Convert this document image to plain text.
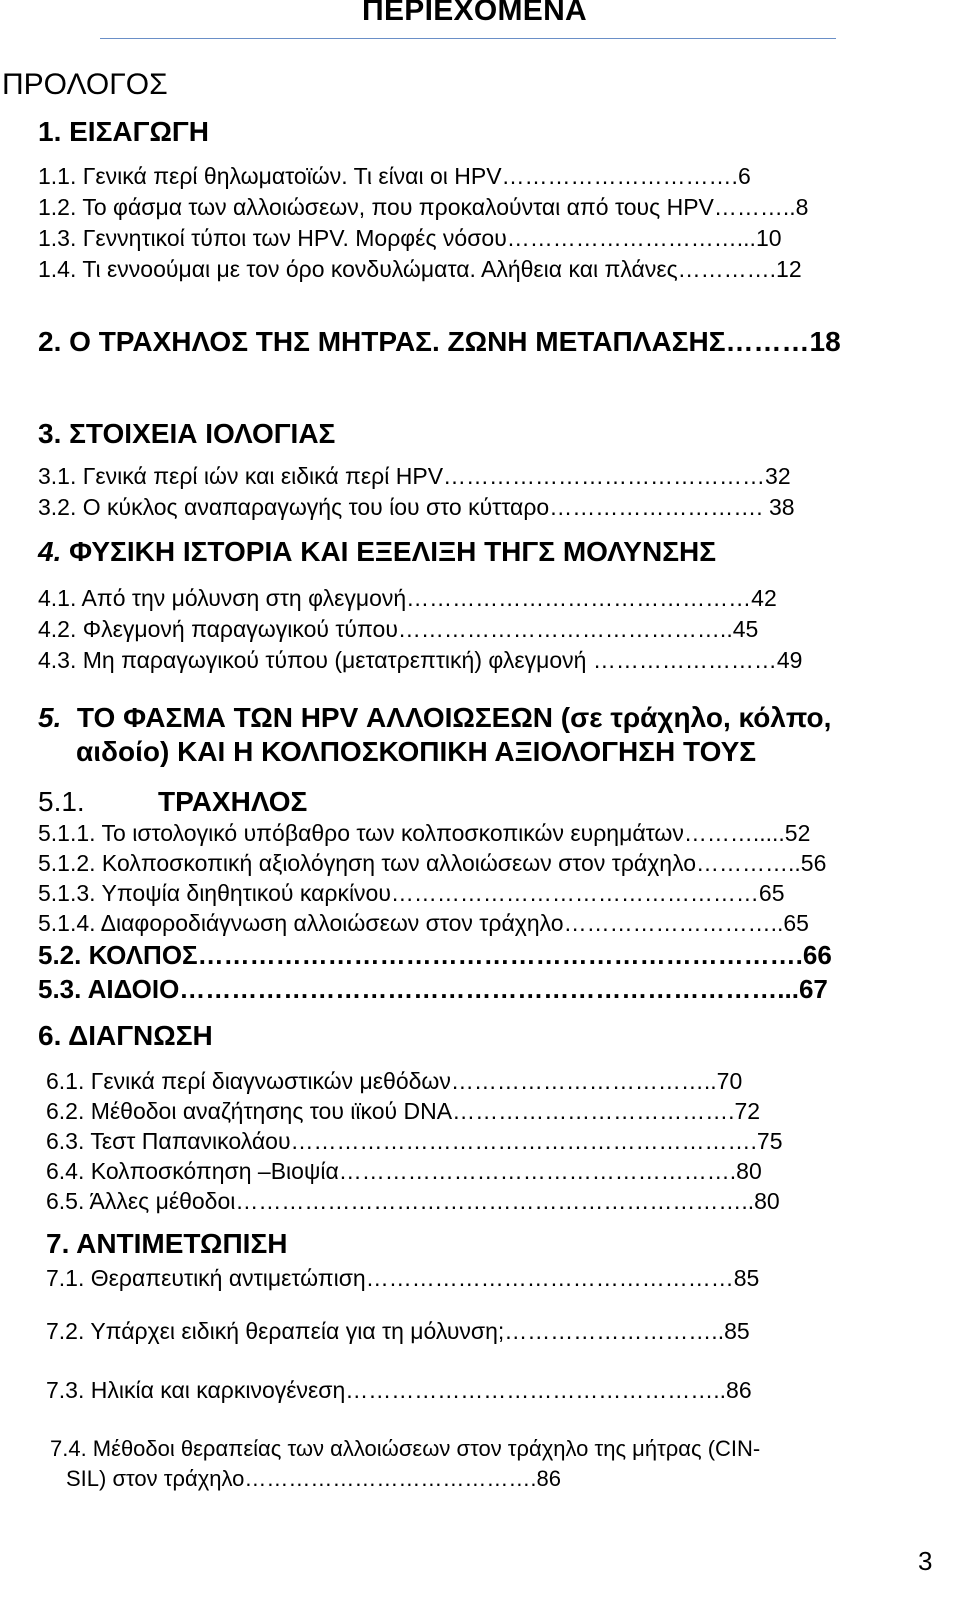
ΠΕΡΙΕΧΟΜΕΝΑ
ΠΡΟΛΟΓΟΣ
1. ΕΙΣΑΓΩΓΗ
1.1. Γενικά περί θηλωματοϊών. Τι είναι οι HPV………………………….6
1.2. Το φάσμα των αλλοιώσεων, που προκαλούνται από τους HPV………..8
1.3. Γεννητικοί τύποι των HPV. Μορφές νόσου…………………………...10
1.4. Τι εννοούμαι με τον όρο κονδυλώματα. Αλήθεια και πλάνες………….12
2. Ο ΤΡΑΧΗΛΟΣ ΤΗΣ ΜΗΤΡΑΣ. ΖΩΝΗ ΜΕΤΑΠΛΑΣΗΣ………18
3. ΣΤΟΙΧΕΙΑ ΙΟΛΟΓΙΑΣ
3.1. Γενικά περί ιών και ειδικά περί HPV……………………………………32
3.2. Ο κύκλος αναπαραγωγής του ίου στο κύτταρο………………………. 38
4. ΦΥΣΙΚΗ ΙΣΤΟΡΙΑ ΚΑΙ ΕΞΕΛΙΞΗ ΤΗΓΣ ΜΟΛΥΝΣΗΣ
4.1. Από την μόλυνση στη φλεγμονή………………………………………42
4.2. Φλεγμονή παραγωγικού τύπου……………………………………..45
4.3. Μη παραγωγικού τύπου (μετατρεπτική) φλεγμονή ……………………49
5. ΤΟ ΦΑΣΜΑ ΤΩΝ HPV ΑΛΛΟΙΩΣΕΩΝ (σε τράχηλο, κόλπο,
αιδοίο) ΚΑΙ Η ΚΟΛΠΟΣΚΟΠΙΚΗ ΑΞΙΟΛΟΓΗΣΗ ΤΟΥΣ
5.1.	ΤΡΑΧΗΛΟΣ
5.1.1. Το ιστολογικό υπόβαθρο των κολποσκοπικών ευρημάτων……….....52
5.1.2. Κολποσκοπική αξιολόγηση των αλλοιώσεων στον τράχηλο…………..56
5.1.3. Υποψία διηθητικού καρκίνου…………………………………………65
5.1.4. Διαφοροδιάγνωση αλλοιώσεων στον τράχηλο………………………..65
5.2. ΚΟΛΠΟΣ…………………………………………………………….66
5.3. ΑΙΔΟΙΟ……………………………………………………………...67
6. ΔΙΑΓΝΩΣΗ
6.1. Γενικά περί διαγνωστικών μεθόδων……………………………..70
6.2. Μέθοδοι αναζήτησης του ιϊκού DNA……………………………….72
6.3. Τεστ Παπανικολάου…………………………………………………….75
6.4. Κολποσκόπηση –Βιοψία…………………………………………….80
6.5. Άλλες μέθοδοι…………………………………………………………..80
7. ΑΝΤΙΜΕΤΩΠΙΣΗ
7.1. Θεραπευτική αντιμετώπιση…………………………………………85
7.2. Υπάρχει ειδική θεραπεία για τη μόλυνση;………………………..85
7.3. Ηλικία και καρκινογένεση…………………………………………..86
7.4. Μέθοδοι θεραπείας των αλλοιώσεων στον τράχηλο της μήτρας (CIN-
SIL) στον τράχηλο………………………………….86
3
